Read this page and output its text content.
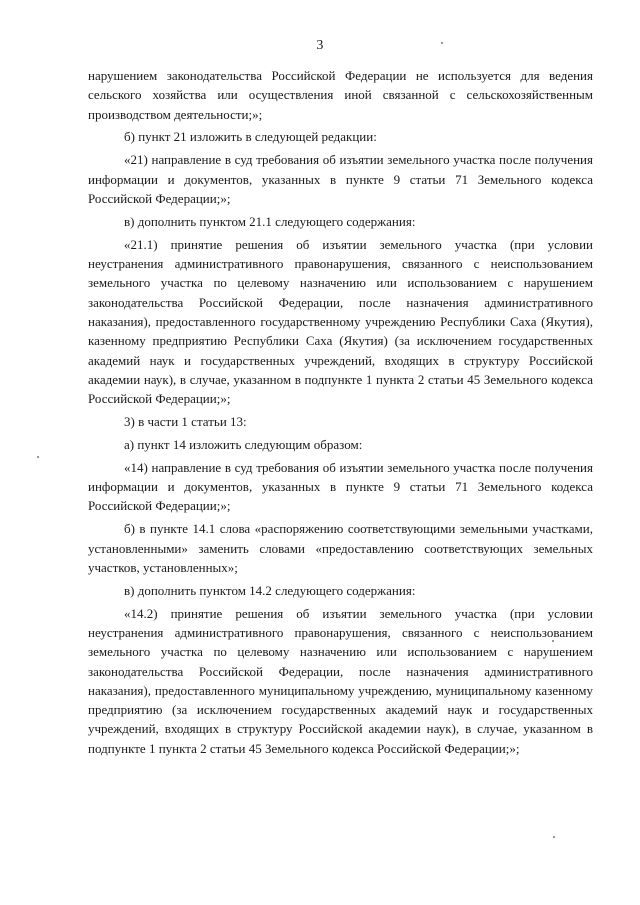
3

нарушением законодательства Российской Федерации не используется для ведения сельского хозяйства или осуществления иной связанной с сельскохозяйственным производством деятельности;»;

б) пункт 21 изложить в следующей редакции:

«21) направление в суд требования об изъятии земельного участка после получения информации и документов, указанных в пункте 9 статьи 71 Земельного кодекса Российской Федерации;»;

в) дополнить пунктом 21.1 следующего содержания:

«21.1) принятие решения об изъятии земельного участка (при условии неустранения административного правонарушения, связанного с неиспользованием земельного участка по целевому назначению или использованием с нарушением законодательства Российской Федерации, после назначения административного наказания), предоставленного государственному учреждению Республики Саха (Якутия), казенному предприятию Республики Саха (Якутия) (за исключением государственных академий наук и государственных учреждений, входящих в структуру Российской академии наук), в случае, указанном в подпункте 1 пункта 2 статьи 45 Земельного кодекса Российской Федерации;»;

3) в части 1 статьи 13:

а) пункт 14 изложить следующим образом:

«14) направление в суд требования об изъятии земельного участка после получения информации и документов, указанных в пункте 9 статьи 71 Земельного кодекса Российской Федерации;»;

б) в пункте 14.1 слова «распоряжению соответствующими земельными участками, установленными» заменить словами «предоставлению соответствующих земельных участков, установленных»;

в) дополнить пунктом 14.2 следующего содержания:

«14.2) принятие решения об изъятии земельного участка (при условии неустранения административного правонарушения, связанного с неиспользованием земельного участка по целевому назначению или использованием с нарушением законодательства Российской Федерации, после назначения административного наказания), предоставленного муниципальному учреждению, муниципальному казенному предприятию (за исключением государственных академий наук и государственных учреждений, входящих в структуру Российской академии наук), в случае, указанном в подпункте 1 пункта 2 статьи 45 Земельного кодекса Российской Федерации;»;
